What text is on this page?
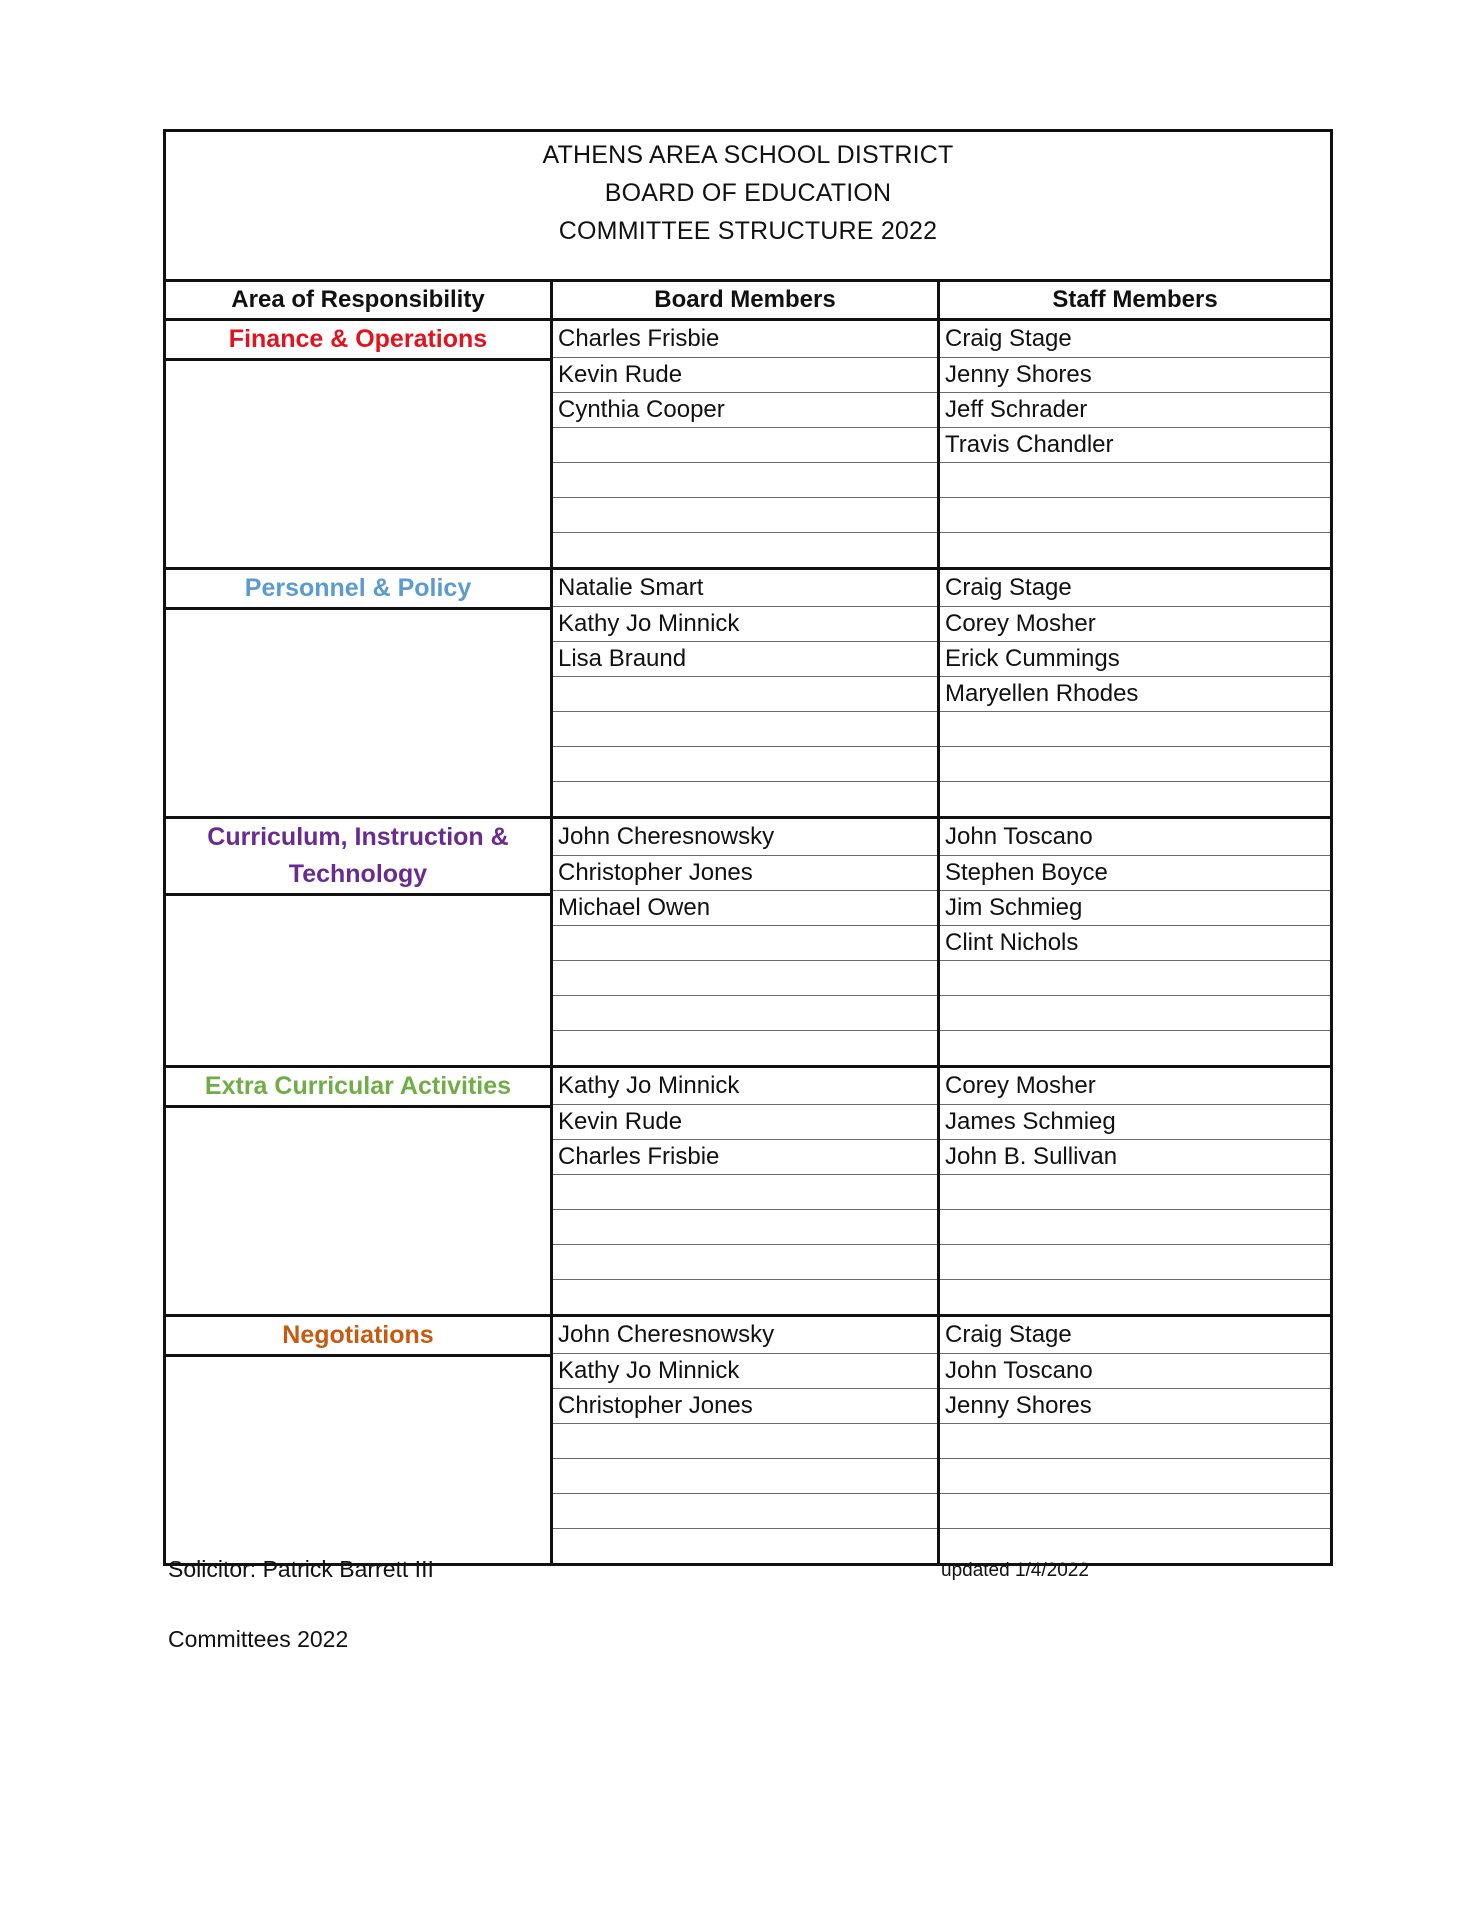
ATHENS AREA SCHOOL DISTRICT
BOARD OF EDUCATION
COMMITTEE STRUCTURE 2022		

Area of Responsibility	Board Members	Staff Members

Finance & Operations	Charles Frisbie	Craig Stage
	Kevin Rude	Jenny Shores
	Cynthia Cooper	Jeff Schrader
		Travis Chandler

Personnel & Policy	Natalie Smart	Craig Stage
	Kathy Jo Minnick	Corey Mosher
	Lisa Braund	Erick Cummings
		Maryellen Rhodes

Curriculum, Instruction & Technology	John Cheresnowsky	John Toscano
	Christopher Jones	Stephen Boyce
	Michael Owen	Jim Schmieg
		Clint Nichols

Extra Curricular Activities	Kathy Jo Minnick	Corey Mosher
	Kevin Rude	James Schmieg
	Charles Frisbie	John B. Sullivan

Negotiations	John Cheresnowsky	Craig Stage
	Kathy Jo Minnick	John Toscano
	Christopher Jones	Jenny Shores

Solicitor: Patrick Barrett III	updated 1/4/2022
Committees 2022
